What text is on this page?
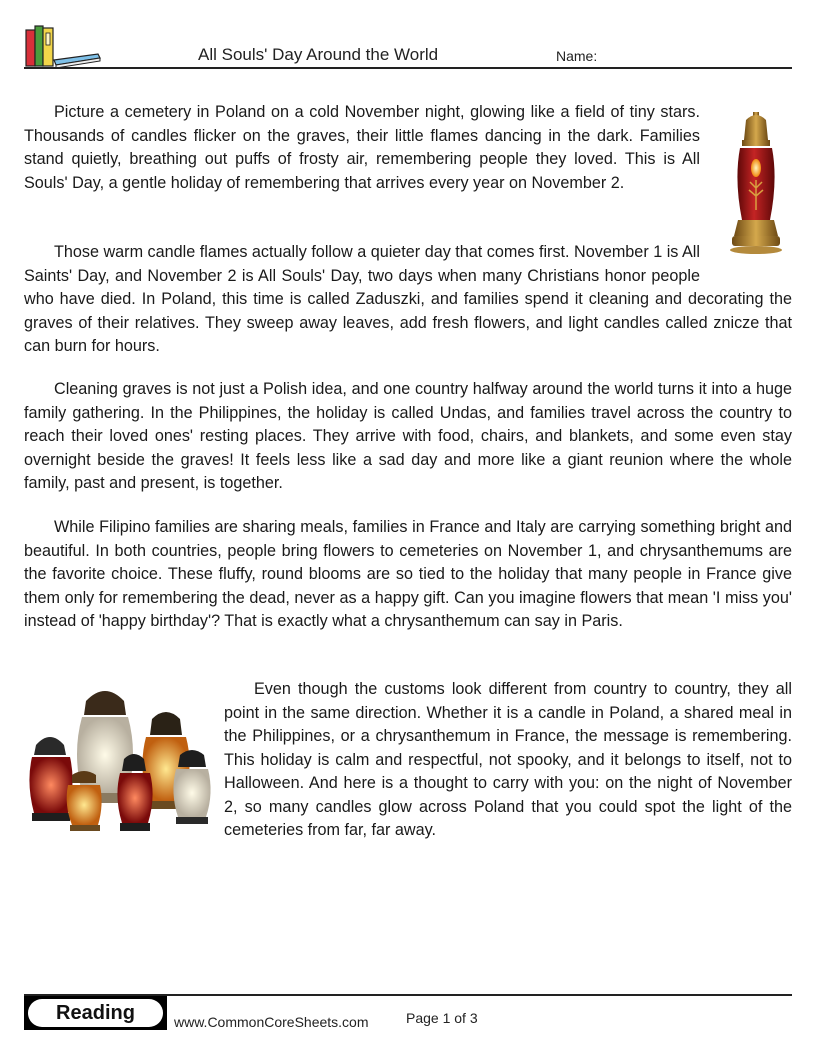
All Souls' Day Around the World	Name:

Picture a cemetery in Poland on a cold November night, glowing like a field of tiny stars. Thousands of candles flicker on the graves, their little flames dancing in the dark. Families stand quietly, breathing out puffs of frosty air, remembering people they loved. This is All Souls' Day, a gentle holiday of remembering that arrives every year on November 2.

Those warm candle flames actually follow a quieter day that comes first. November 1 is All Saints' Day, and November 2 is All Souls' Day, two days when many Christians honor people who have died. In Poland, this time is called Zaduszki, and families spend it cleaning and decorating the graves of their relatives. They sweep away leaves, add fresh flowers, and light candles called znicze that can burn for hours.

Cleaning graves is not just a Polish idea, and one country halfway around the world turns it into a huge family gathering. In the Philippines, the holiday is called Undas, and families travel across the country to reach their loved ones' resting places. They arrive with food, chairs, and blankets, and some even stay overnight beside the graves! It feels less like a sad day and more like a giant reunion where the whole family, past and present, is together.

While Filipino families are sharing meals, families in France and Italy are carrying something bright and beautiful. In both countries, people bring flowers to cemeteries on November 1, and chrysanthemums are the favorite choice. These fluffy, round blooms are so tied to the holiday that many people in France give them only for remembering the dead, never as a happy gift. Can you imagine flowers that mean 'I miss you' instead of 'happy birthday'? That is exactly what a chrysanthemum can say in Paris.

Even though the customs look different from country to country, they all point in the same direction. Whether it is a candle in Poland, a shared meal in the Philippines, or a chrysanthemum in France, the message is remembering. This holiday is calm and respectful, not spooky, and it belongs to itself, not to Halloween. And here is a thought to carry with you: on the night of November 2, so many candles glow across Poland that you could spot the light of the cemeteries from far, far away.

Reading	www.CommonCoreSheets.com	Page 1 of 3
